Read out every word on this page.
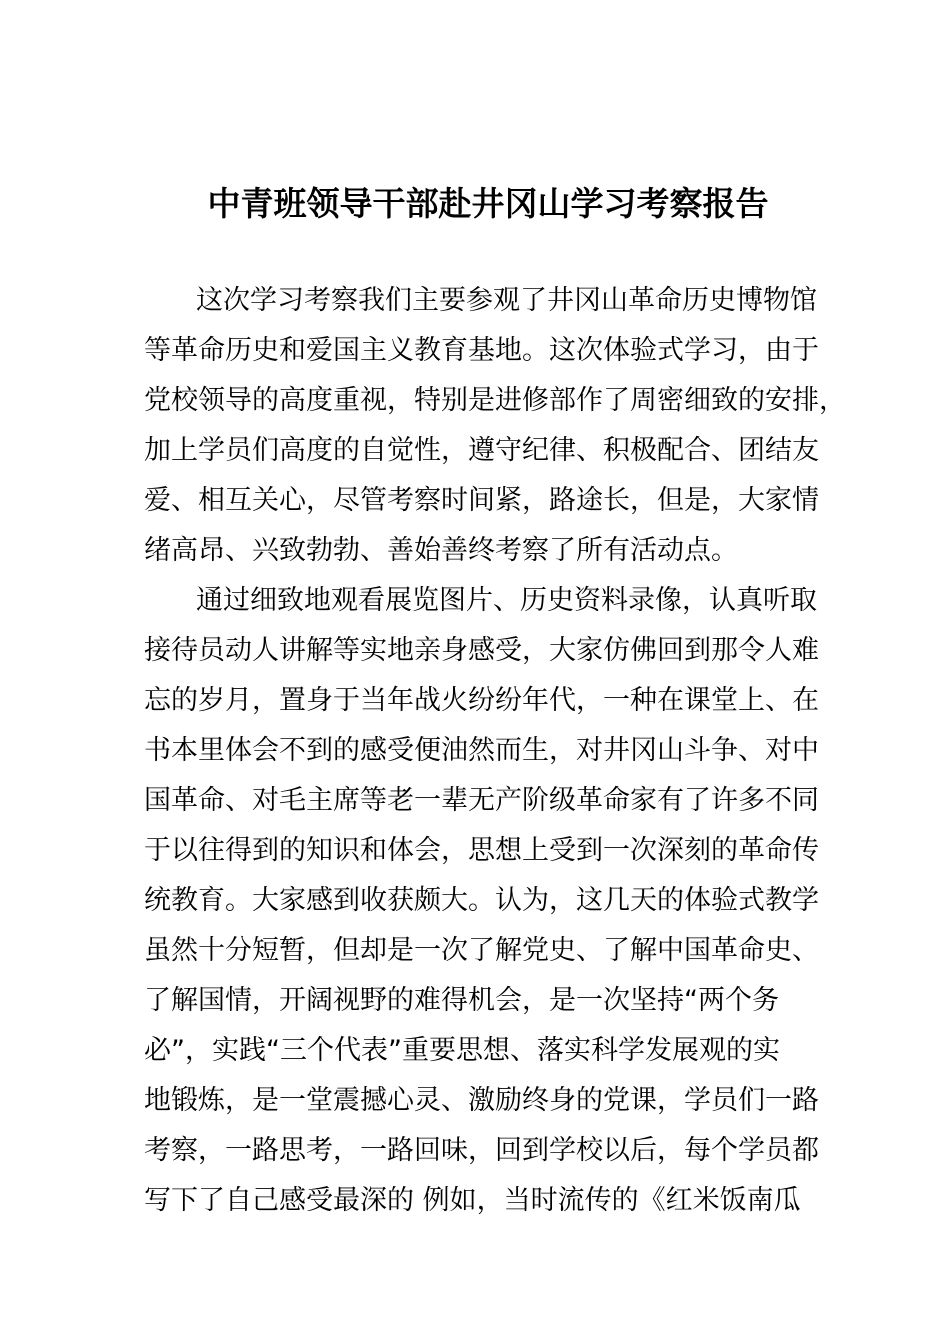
中青班领导干部赴井冈山学习考察报告
这次学习考察我们主要参观了井冈山革命历史博物馆
等革命历史和爱国主义教育基地。这次体验式学习，由于
党校领导的高度重视，特别是进修部作了周密细致的安排，
加上学员们高度的自觉性，遵守纪律、积极配合、团结友
爱、相互关心，尽管考察时间紧，路途长，但是，大家情
绪高昂、兴致勃勃、善始善终考察了所有活动点。
通过细致地观看展览图片、历史资料录像，认真听取
接待员动人讲解等实地亲身感受，大家仿佛回到那令人难
忘的岁月，置身于当年战火纷纷年代，一种在课堂上、在
书本里体会不到的感受便油然而生，对井冈山斗争、对中
国革命、对毛主席等老一辈无产阶级革命家有了许多不同
于以往得到的知识和体会，思想上受到一次深刻的革命传
统教育。大家感到收获颇大。认为，这几天的体验式教学
虽然十分短暂，但却是一次了解党史、了解中国革命史、
了解国情，开阔视野的难得机会，是一次坚持“两个务
必”，实践“三个代表”重要思想、落实科学发展观的实
地锻炼，是一堂震撼心灵、激励终身的党课，学员们一路
考察，一路思考，一路回味，回到学校以后，每个学员都
写下了自己感受最深的 例如，当时流传的《红米饭南瓜
